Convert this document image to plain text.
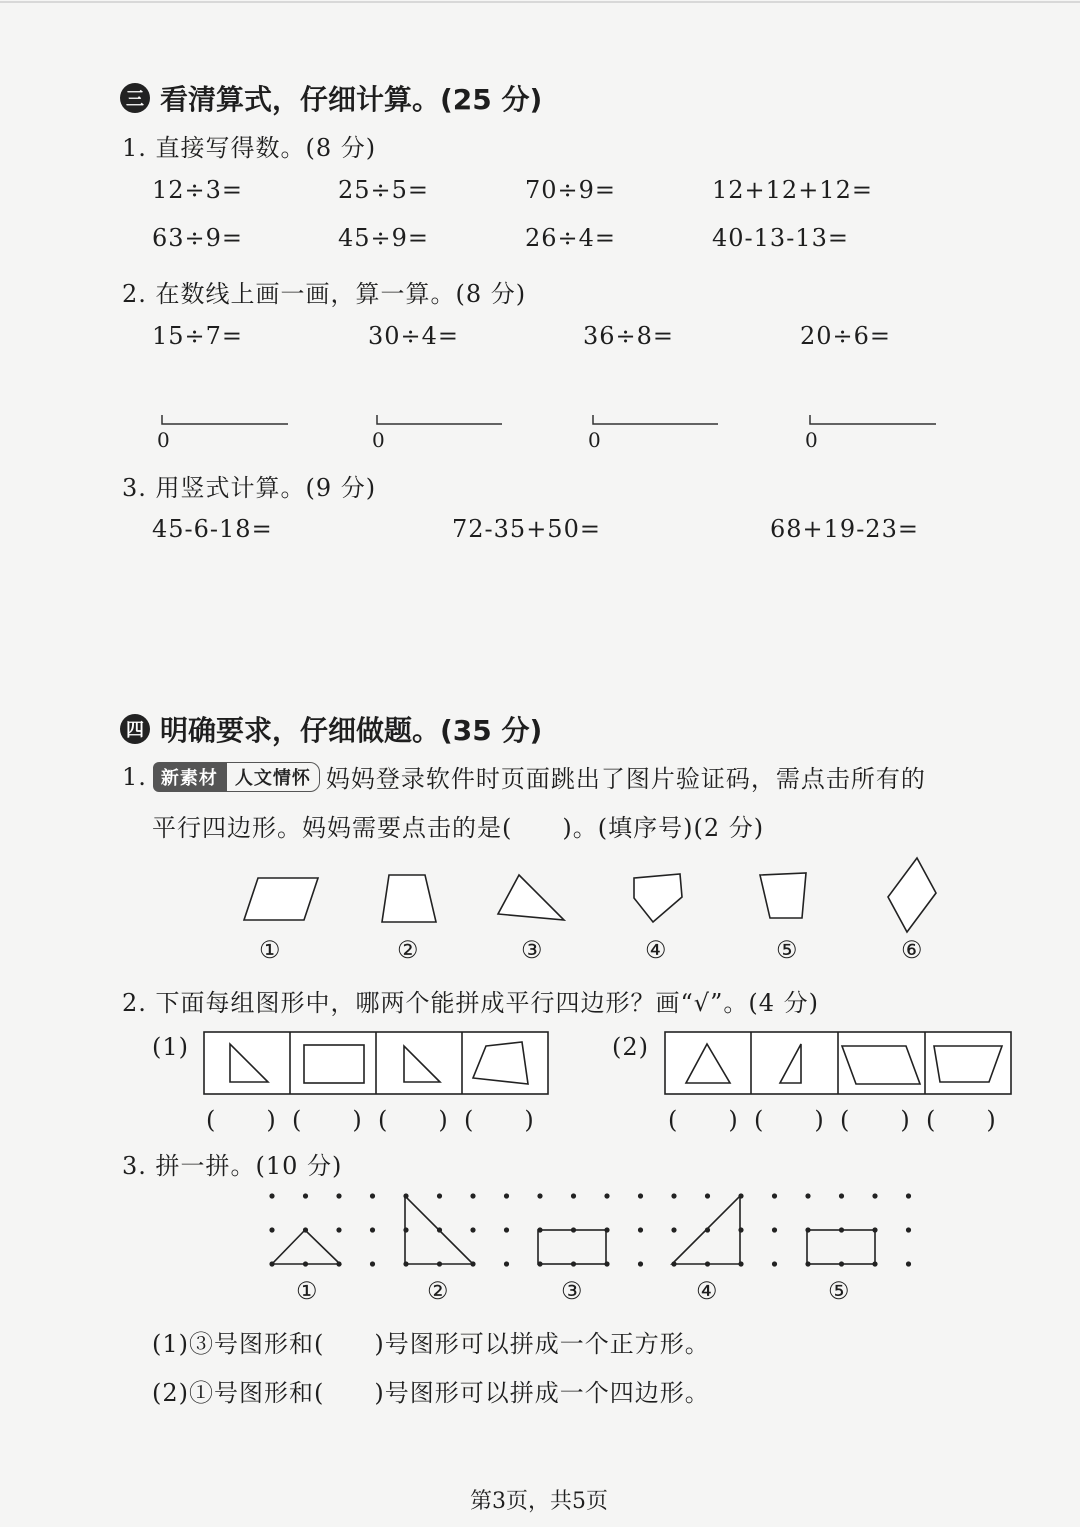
三 看清算式，仔细计算。(25 分)
1. 直接写得数。(8 分)
12÷3=	25÷5=	70÷9=	12+12+12=
63÷9=	45÷9=	26÷4=	40-13-13=
2. 在数线上画一画，算一算。(8 分)
15÷7=	30÷4=	36÷8=	20÷6=
0	0	0	0
3. 用竖式计算。(9 分)
45-6-18=	72-35+50=	68+19-23=
四 明确要求，仔细做题。(35 分)
1. 新素材 人文情怀 妈妈登录软件时页面跳出了图片验证码，需点击所有的
平行四边形。妈妈需要点击的是(　　)。(填序号)(2 分)
①	②	③	④	⑤	⑥
2. 下面每组图形中，哪两个能拼成平行四边形？画“√”。(4 分)
(1)	(2)
(　　) (　　) (　　) (　　)	(　　) (　　) (　　) (　　)
3. 拼一拼。(10 分)
①	②	③	④	⑤
(1)③号图形和(　　)号图形可以拼成一个正方形。
(2)①号图形和(　　)号图形可以拼成一个四边形。
第3页，共5页
